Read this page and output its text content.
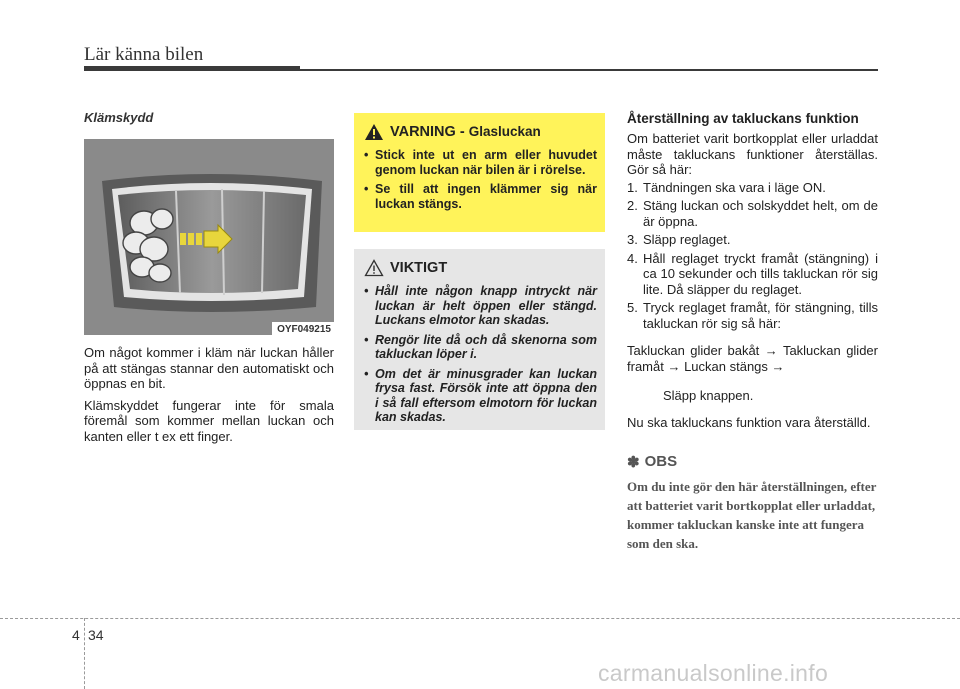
Lär känna bilen
Klämskydd
OYF049215

Om något kommer i kläm när luckan håller på att stängas stannar den automatiskt och öppnas en bit.

Klämskyddet fungerar inte för smala föremål som kommer mellan luckan och kanten eller t ex ett finger.

VARNING - Glasluckan
• Stick inte ut en arm eller huvudet genom luckan när bilen är i rörelse.
• Se till att ingen klämmer sig när luckan stängs.
VIKTIGT
• Håll inte någon knapp intryckt när luckan är helt öppen eller stängd. Luckans elmotor kan skadas.
• Rengör lite då och då skenorna som takluckan löper i.
• Om det är minusgrader kan luckan frysa fast. Försök inte att öppna den i så fall eftersom elmotorn för luckan kan skadas.
Återställning av takluckans funktion

Om batteriet varit bortkopplat eller urladdat måste takluckans funktioner återställas. Gör så här:

1. Tändningen ska vara i läge ON.
2. Stäng luckan och solskyddet helt, om de är öppna.
3. Släpp reglaget.
4. Håll reglaget tryckt framåt (stängning) i ca 10 sekunder och tills takluckan rör sig lite. Då släpper du reglaget.
5. Tryck reglaget framåt, för stängning, tills takluckan rör sig så här:

Takluckan glider bakåt → Takluckan glider framåt → Luckan stängs →

Släpp knappen.

Nu ska takluckans funktion vara återställd.

✽ OBS

Om du inte gör den här återställningen, efter att batteriet varit bortkopplat eller urladdat, kommer takluckan kanske inte att fungera som den ska.

4 34
carmanualsonline.info
